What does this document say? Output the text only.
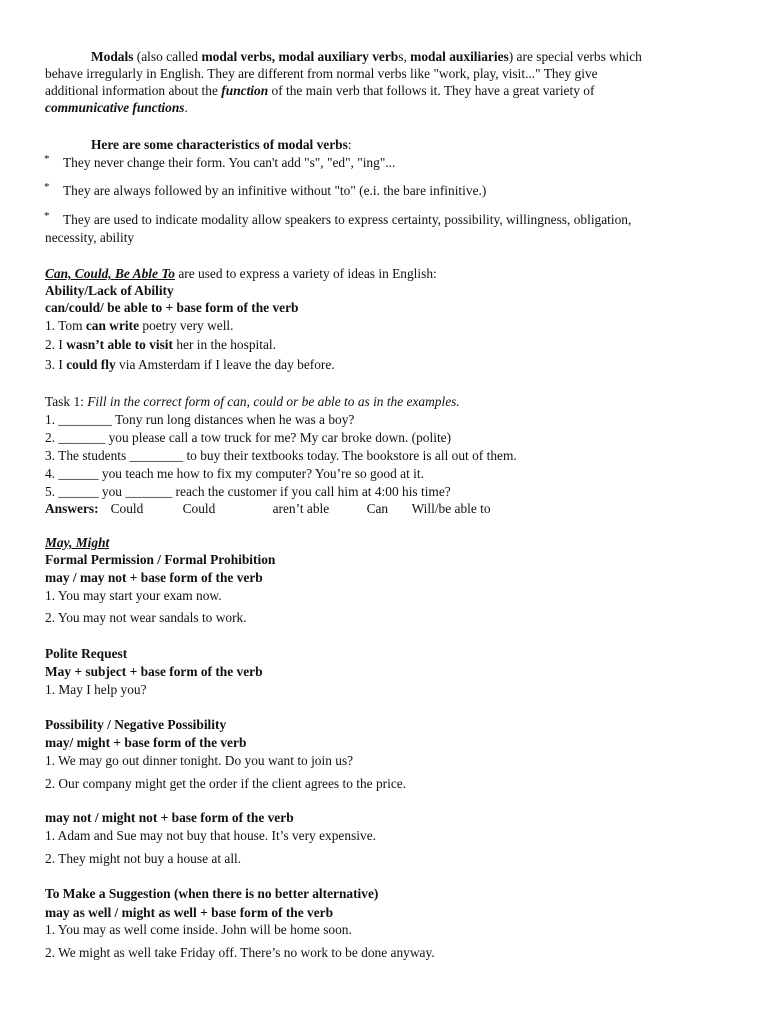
Modals (also called modal verbs, modal auxiliary verbs, modal auxiliaries) are special verbs which
behave irregularly in English. They are different from normal verbs like "work, play, visit..." They give
additional information about the function of the main verb that follows it. They have a great variety of
communicative functions.
Here are some characteristics of modal verbs:
* They never change their form. You can't add "s", "ed", "ing"...
* They are always followed by an infinitive without "to" (e.i. the bare infinitive.)
* They are used to indicate modality allow speakers to express certainty, possibility, willingness, obligation,
necessity, ability
Can, Could, Be Able To are used to express a variety of ideas in English:
Ability/Lack of Ability
can/could/ be able to + base form of the verb
1. Tom can write poetry very well.
2. I wasn’t able to visit her in the hospital.
3. I could fly via Amsterdam if I leave the day before.
Task 1: Fill in the correct form of can, could or be able to as in the examples.
1. ________ Tony run long distances when he was a boy?
2. _______ you please call a tow truck for me? My car broke down. (polite)
3. The students ________ to buy their textbooks today. The bookstore is all out of them.
4. ______ you teach me how to fix my computer? You’re so good at it.
5. ______ you _______ reach the customer if you call him at 4:00 his time?
Answers: Could	Could	aren’t able	Can Will/be able to
May, Might
Formal Permission / Formal Prohibition
may / may not + base form of the verb
1. You may start your exam now.
2. You may not wear sandals to work.
Polite Request
May + subject + base form of the verb
1. May I help you?
Possibility / Negative Possibility
may/ might + base form of the verb
1. We may go out dinner tonight. Do you want to join us?
2. Our company might get the order if the client agrees to the price.
may not / might not + base form of the verb
1. Adam and Sue may not buy that house. It’s very expensive.
2. They might not buy a house at all.
To Make a Suggestion (when there is no better alternative)
may as well / might as well + base form of the verb
1. You may as well come inside. John will be home soon.
2. We might as well take Friday off. There’s no work to be done anyway.
